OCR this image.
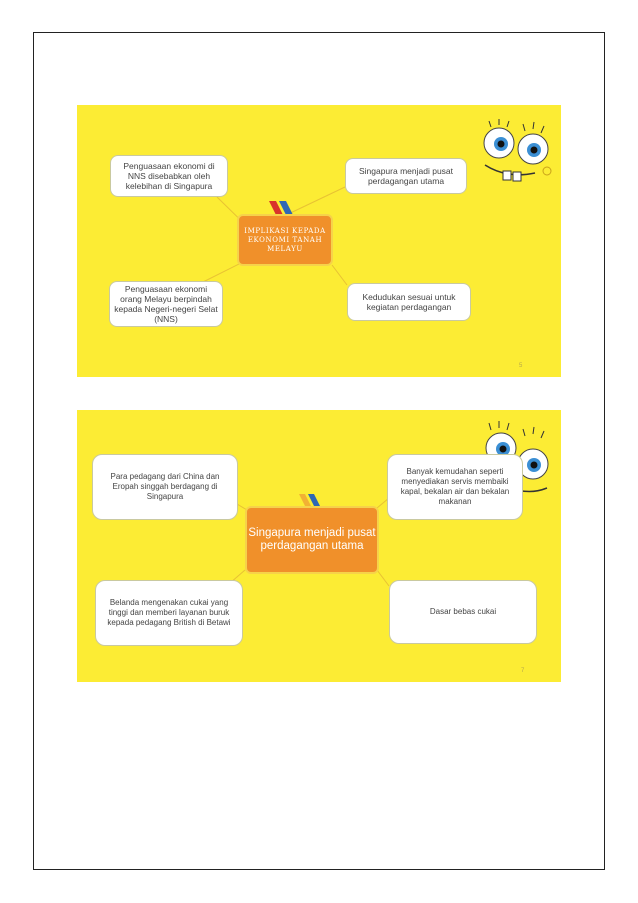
Penguasaan ekonomi di NNS disebabkan oleh kelebihan di Singapura
Singapura menjadi pusat perdagangan utama
Penguasaan ekonomi orang Melayu berpindah kepada Negeri-negeri Selat (NNS)
Kedudukan sesuai untuk kegiatan perdagangan
IMPLIKASI KEPADA EKONOMI TANAH MELAYU
5
Para pedagang dari China dan Eropah singgah berdagang di Singapura
Banyak kemudahan seperti menyediakan servis membaiki kapal, bekalan air dan bekalan makanan
Belanda mengenakan cukai yang tinggi dan memberi layanan buruk kepada pedagang British di Betawi
Dasar bebas cukai
Singapura menjadi pusat perdagangan utama
7
